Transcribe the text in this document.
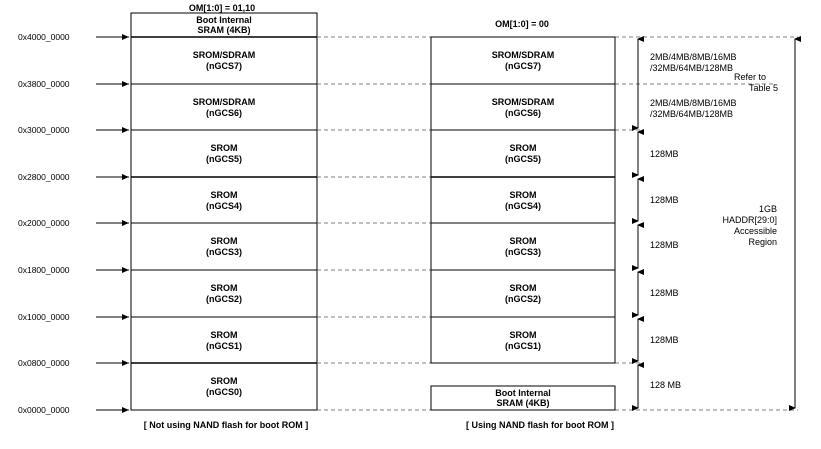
OM[1:0] = 01,10
OM[1:0] = 00
0x4000_0000
0x3800_0000
0x3000_0000
0x2800_0000
0x2000_0000
0x1800_0000
0x1000_0000
0x0800_0000
0x0000_0000
Boot Internal
SRAM (4KB)
SROM/SDRAM
(nGCS7)
SROM/SDRAM
(nGCS6)
SROM
(nGCS5)
SROM
(nGCS4)
SROM
(nGCS3)
SROM
(nGCS2)
SROM
(nGCS1)
SROM
(nGCS0)
SROM/SDRAM
(nGCS7)
SROM/SDRAM
(nGCS6)
SROM
(nGCS5)
SROM
(nGCS4)
SROM
(nGCS3)
SROM
(nGCS2)
SROM
(nGCS1)
Boot Internal
SRAM (4KB)
2MB/4MB/8MB/16MB
/32MB/64MB/128MB
Refer to
Table 5
2MB/4MB/8MB/16MB
/32MB/64MB/128MB
128MB
128MB
128MB
128MB
128MB
128 MB
1GB
HADDR[29:0]
Accessible
Region
[ Not using NAND flash for boot ROM ]	[ Using NAND flash for boot ROM ]
